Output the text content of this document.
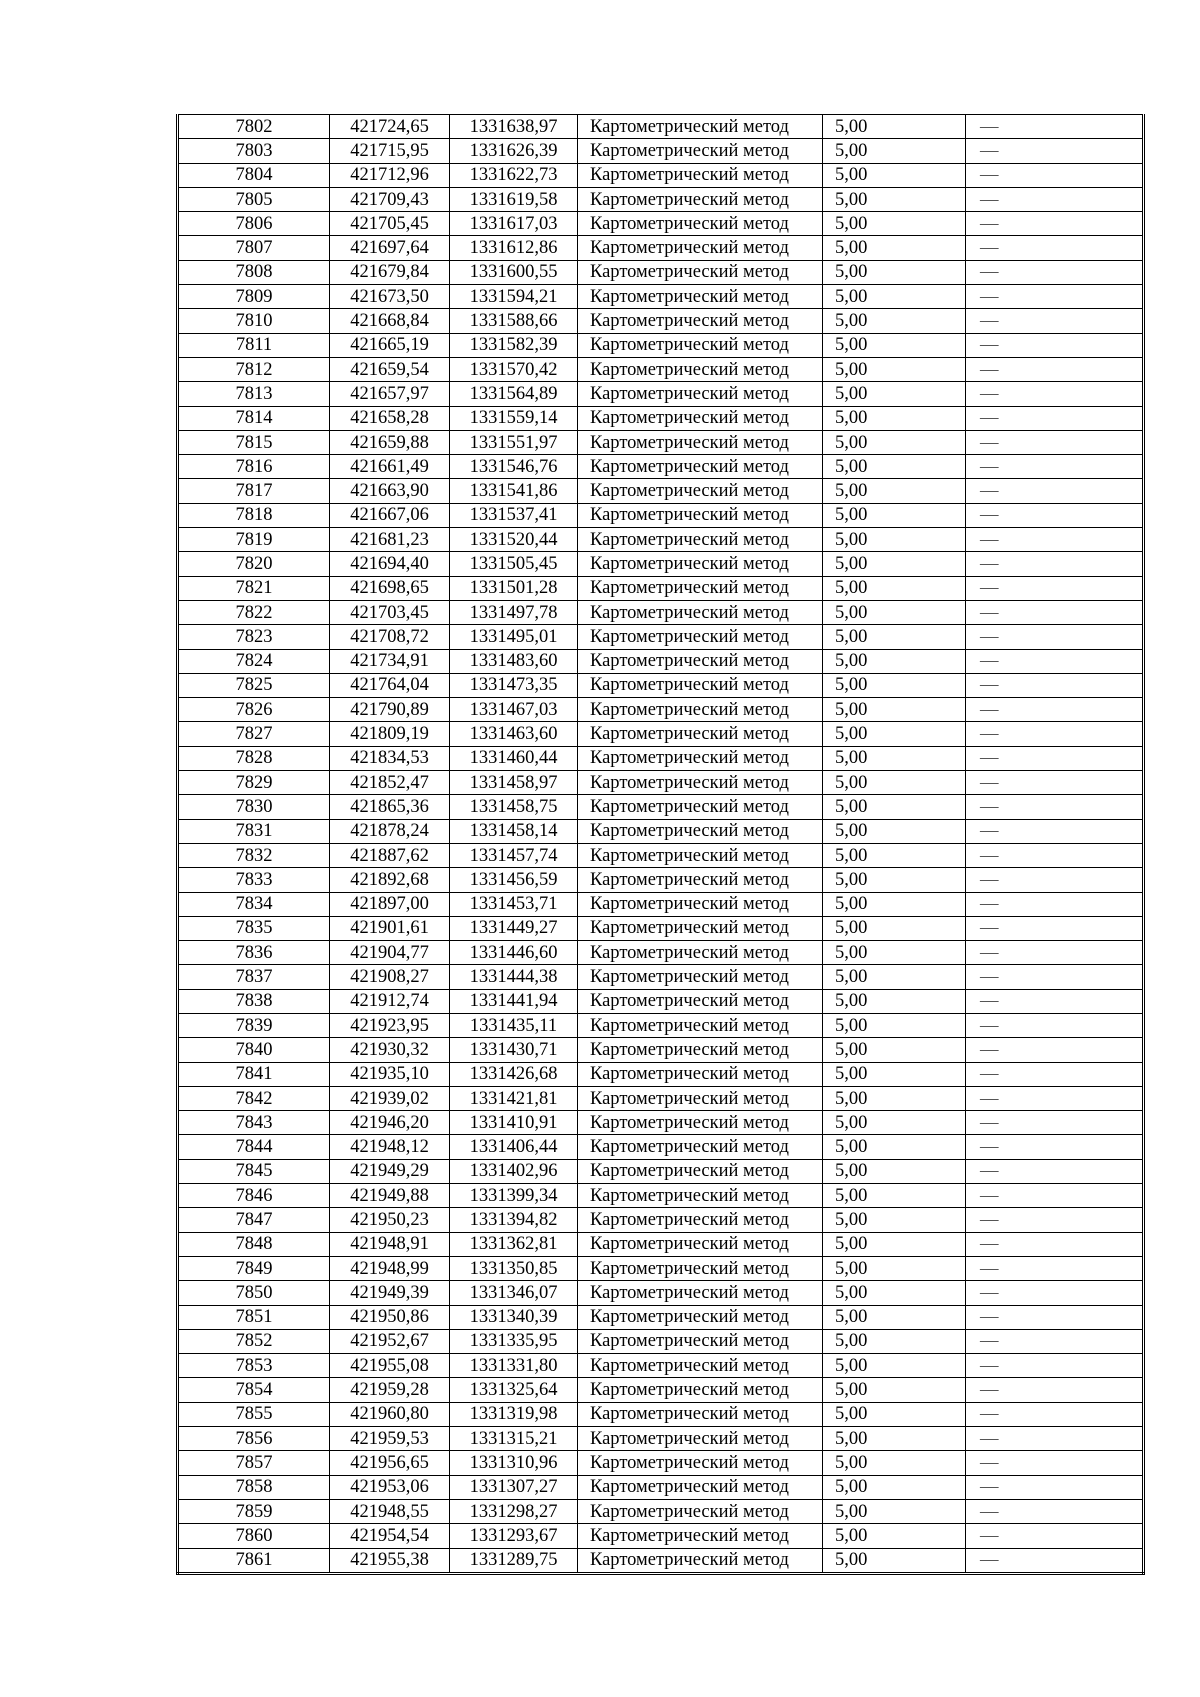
7802	421724,65	1331638,97	Картометрический метод	5,00	—
7803	421715,95	1331626,39	Картометрический метод	5,00	—
7804	421712,96	1331622,73	Картометрический метод	5,00	—
7805	421709,43	1331619,58	Картометрический метод	5,00	—
7806	421705,45	1331617,03	Картометрический метод	5,00	—
7807	421697,64	1331612,86	Картометрический метод	5,00	—
7808	421679,84	1331600,55	Картометрический метод	5,00	—
7809	421673,50	1331594,21	Картометрический метод	5,00	—
7810	421668,84	1331588,66	Картометрический метод	5,00	—
7811	421665,19	1331582,39	Картометрический метод	5,00	—
7812	421659,54	1331570,42	Картометрический метод	5,00	—
7813	421657,97	1331564,89	Картометрический метод	5,00	—
7814	421658,28	1331559,14	Картометрический метод	5,00	—
7815	421659,88	1331551,97	Картометрический метод	5,00	—
7816	421661,49	1331546,76	Картометрический метод	5,00	—
7817	421663,90	1331541,86	Картометрический метод	5,00	—
7818	421667,06	1331537,41	Картометрический метод	5,00	—
7819	421681,23	1331520,44	Картометрический метод	5,00	—
7820	421694,40	1331505,45	Картометрический метод	5,00	—
7821	421698,65	1331501,28	Картометрический метод	5,00	—
7822	421703,45	1331497,78	Картометрический метод	5,00	—
7823	421708,72	1331495,01	Картометрический метод	5,00	—
7824	421734,91	1331483,60	Картометрический метод	5,00	—
7825	421764,04	1331473,35	Картометрический метод	5,00	—
7826	421790,89	1331467,03	Картометрический метод	5,00	—
7827	421809,19	1331463,60	Картометрический метод	5,00	—
7828	421834,53	1331460,44	Картометрический метод	5,00	—
7829	421852,47	1331458,97	Картометрический метод	5,00	—
7830	421865,36	1331458,75	Картометрический метод	5,00	—
7831	421878,24	1331458,14	Картометрический метод	5,00	—
7832	421887,62	1331457,74	Картометрический метод	5,00	—
7833	421892,68	1331456,59	Картометрический метод	5,00	—
7834	421897,00	1331453,71	Картометрический метод	5,00	—
7835	421901,61	1331449,27	Картометрический метод	5,00	—
7836	421904,77	1331446,60	Картометрический метод	5,00	—
7837	421908,27	1331444,38	Картометрический метод	5,00	—
7838	421912,74	1331441,94	Картометрический метод	5,00	—
7839	421923,95	1331435,11	Картометрический метод	5,00	—
7840	421930,32	1331430,71	Картометрический метод	5,00	—
7841	421935,10	1331426,68	Картометрический метод	5,00	—
7842	421939,02	1331421,81	Картометрический метод	5,00	—
7843	421946,20	1331410,91	Картометрический метод	5,00	—
7844	421948,12	1331406,44	Картометрический метод	5,00	—
7845	421949,29	1331402,96	Картометрический метод	5,00	—
7846	421949,88	1331399,34	Картометрический метод	5,00	—
7847	421950,23	1331394,82	Картометрический метод	5,00	—
7848	421948,91	1331362,81	Картометрический метод	5,00	—
7849	421948,99	1331350,85	Картометрический метод	5,00	—
7850	421949,39	1331346,07	Картометрический метод	5,00	—
7851	421950,86	1331340,39	Картометрический метод	5,00	—
7852	421952,67	1331335,95	Картометрический метод	5,00	—
7853	421955,08	1331331,80	Картометрический метод	5,00	—
7854	421959,28	1331325,64	Картометрический метод	5,00	—
7855	421960,80	1331319,98	Картометрический метод	5,00	—
7856	421959,53	1331315,21	Картометрический метод	5,00	—
7857	421956,65	1331310,96	Картометрический метод	5,00	—
7858	421953,06	1331307,27	Картометрический метод	5,00	—
7859	421948,55	1331298,27	Картометрический метод	5,00	—
7860	421954,54	1331293,67	Картометрический метод	5,00	—
7861	421955,38	1331289,75	Картометрический метод	5,00	—
